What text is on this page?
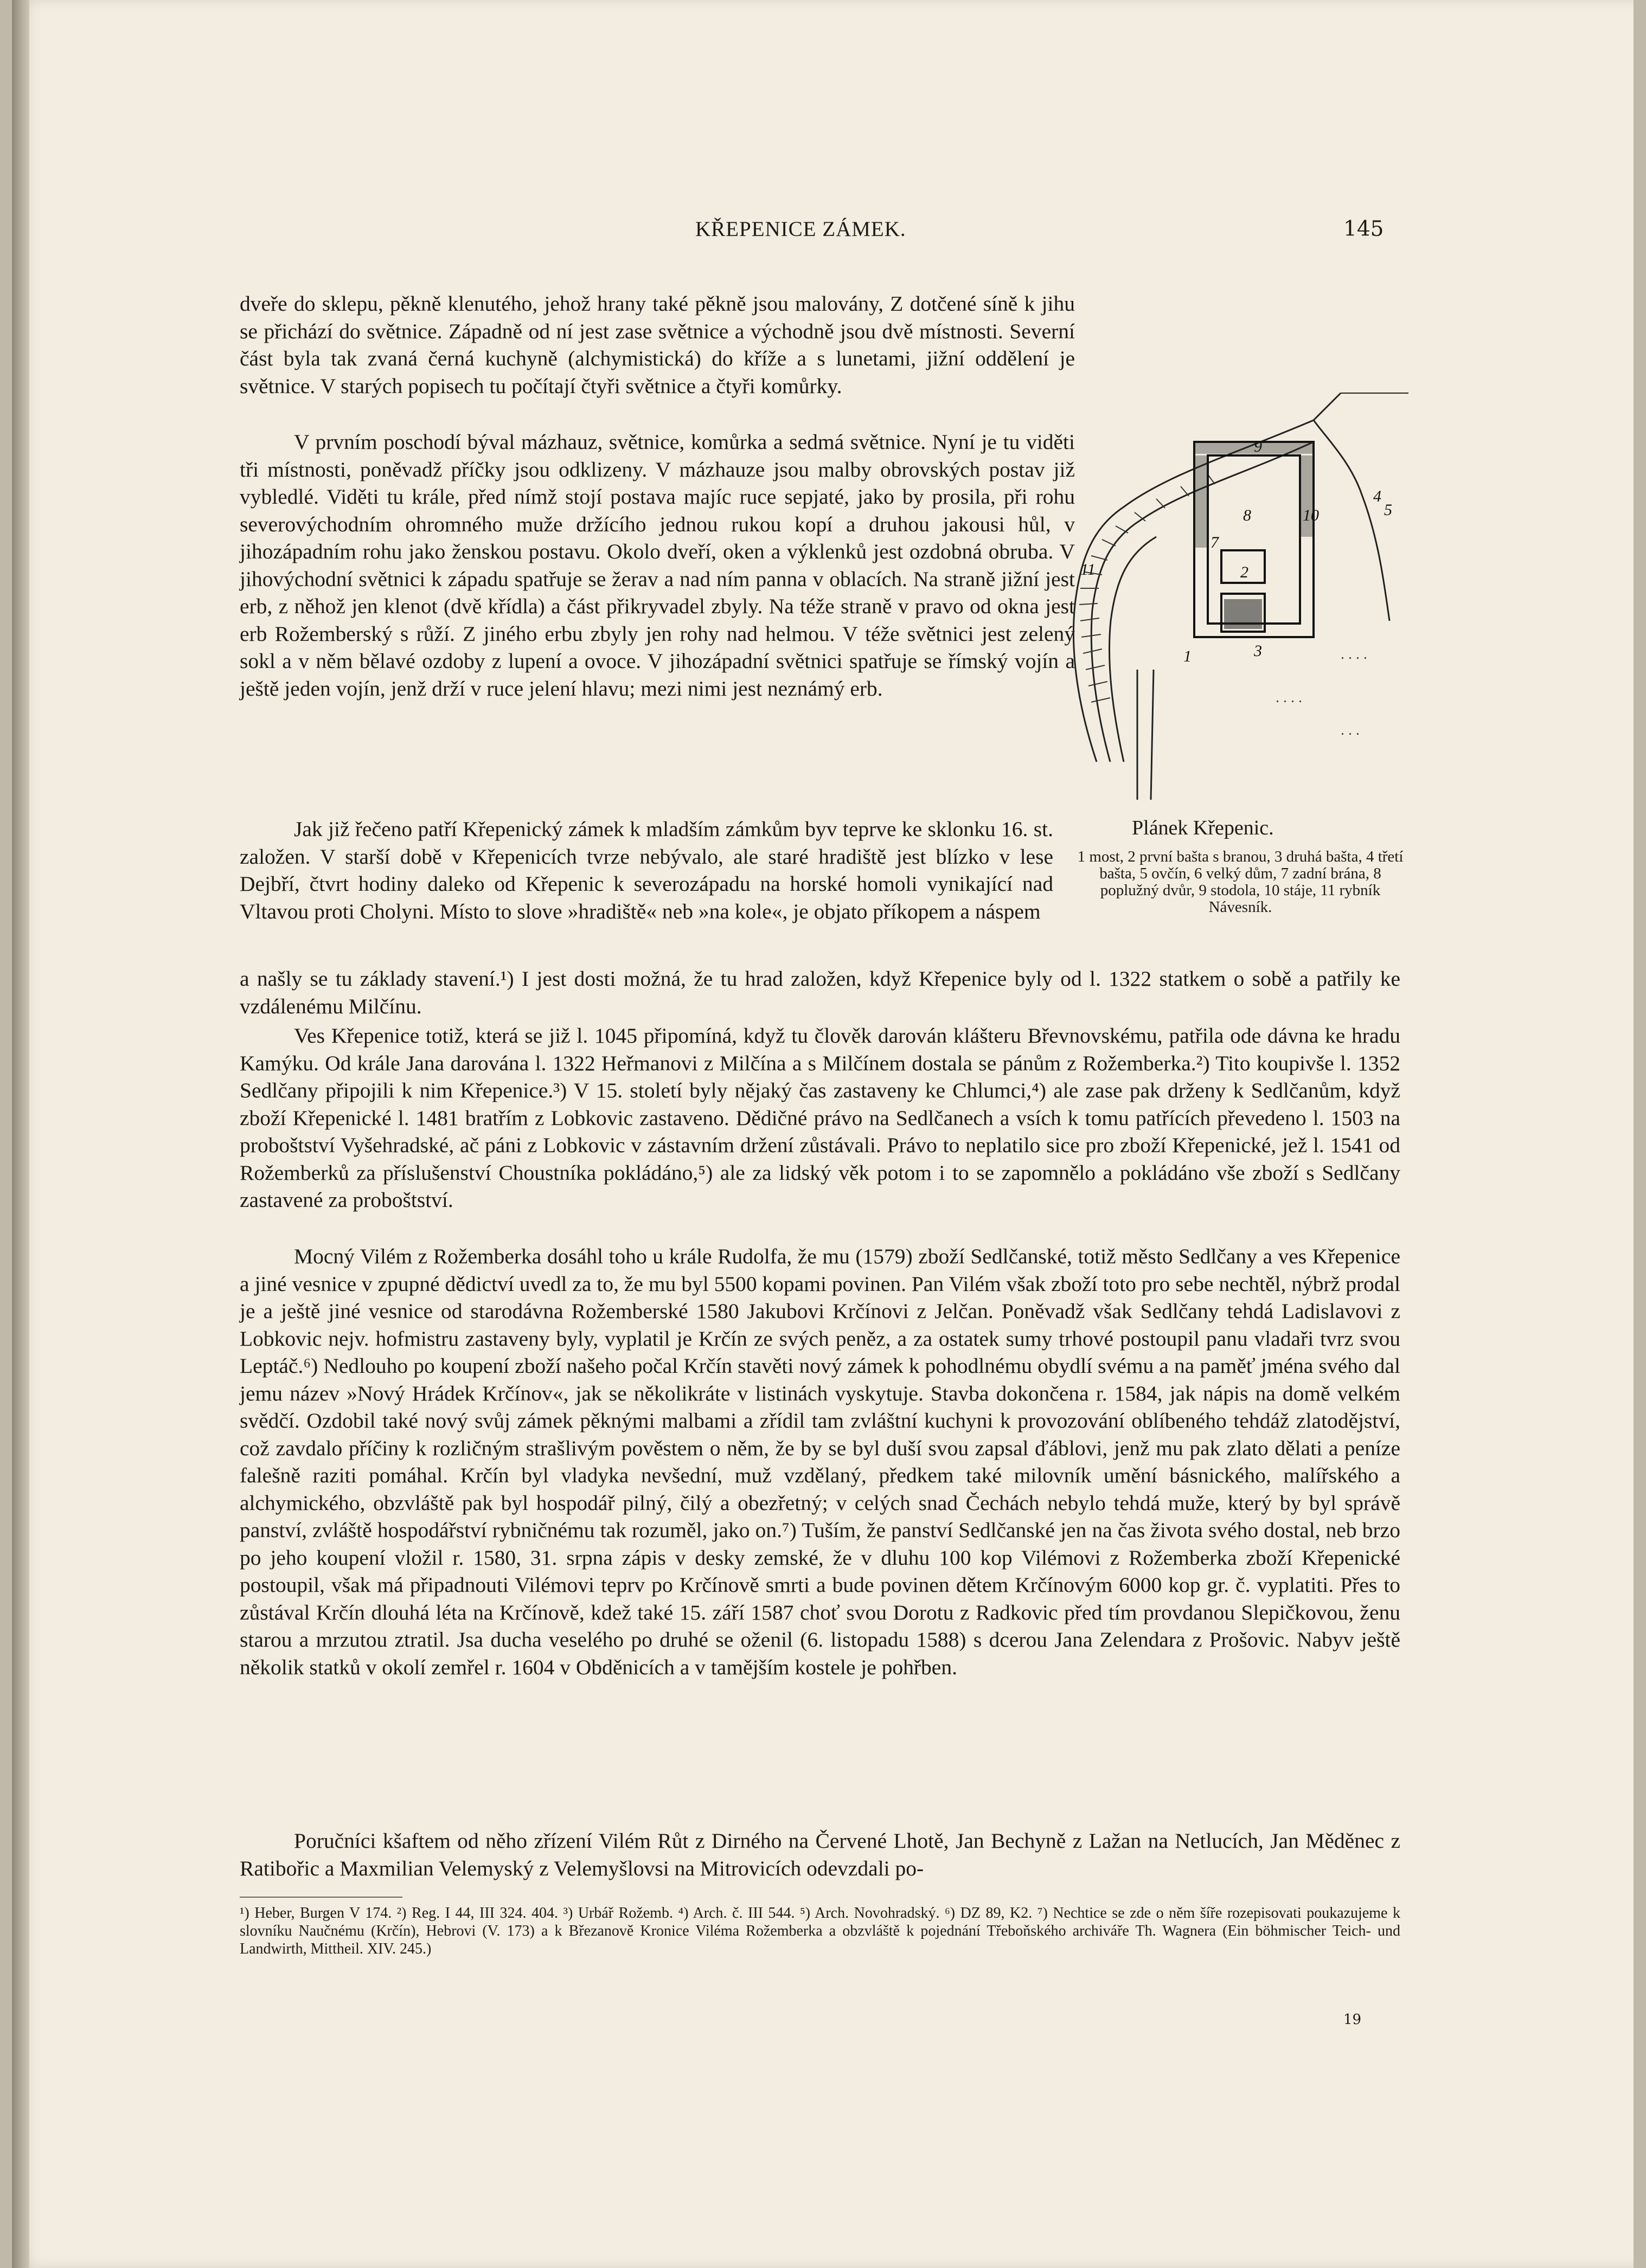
KŘEPENICE ZÁMEK.	145

dveře do sklepu, pěkně klenutého, jehož hrany také pěkně jsou malovány, Z dotčené síně k jihu se přichází do světnice. Západně od ní jest zase světnice a východně jsou dvě místnosti. Severní část byla tak zvaná černá kuchyně (alchymistická) do kříže a s lunetami, jižní oddělení je světnice. V starých popisech tu počítají čtyři světnice a čtyři komůrky.

V prvním poschodí býval mázhauz, světnice, komůrka a sedmá světnice. Nyní je tu viděti tři místnosti, poněvadž příčky jsou odklizeny. V mázhauze jsou malby obrovských postav již vybledlé. Viděti tu krále, před nímž stojí postava majíc ruce sepjaté, jako by prosila, při rohu severovýchodním ohromného muže držícího jednou rukou kopí a druhou jakousi hůl, v jihozápadním rohu jako ženskou postavu. Okolo dveří, oken a výklenků jest ozdobná obruba. V jihovýchodní světnici k západu spatřuje se žerav a nad ním panna v oblacích. Na straně jižní jest erb, z něhož jen klenot (dvě křídla) a část přikryvadel zbyly. Na téže straně v pravo od okna jest erb Rožemberský s růží. Z jiného erbu zbyly jen rohy nad helmou. V téže světnici jest zelený sokl a v něm bělavé ozdoby z lupení a ovoce. V jihozápadní světnici spatřuje se římský vojín a ještě jeden vojín, jenž drží v ruce jelení hlavu; mezi nimi jest neznámý erb.

Jak již řečeno patří Křepenický zámek k mladším zámkům byv teprve ke sklonku 16. st. založen. V starší době v Křepenicích tvrze nebývalo, ale staré hradiště jest blízko v lese Dejbří, čtvrt hodiny daleko od Křepenic k severozápadu na horské homoli vynikající nad Vltavou proti Cholyni. Místo to slove »hradiště« neb »na kole«, je objato příkopem a náspem

a našly se tu základy stavení.¹) I jest dosti možná, že tu hrad založen, když Křepenice byly od l. 1322 statkem o sobě a patřily ke vzdálenému Milčínu.

Ves Křepenice totiž, která se již l. 1045 připomíná, když tu člověk darován klášteru Břevnovskému, patřila ode dávna ke hradu Kamýku. Od krále Jana darována l. 1322 Heřmanovi z Milčína a s Milčínem dostala se pánům z Rožemberka.²) Tito koupivše l. 1352 Sedlčany připojili k nim Křepenice.³) V 15. století byly nějaký čas zastaveny ke Chlumci,⁴) ale zase pak drženy k Sedlčanům, když zboží Křepenické l. 1481 bratřím z Lobkovic zastaveno. Dědičné právo na Sedlčanech a vsích k tomu patřících převedeno l. 1503 na proboštství Vyšehradské, ač páni z Lobkovic v zástavním držení zůstávali. Právo to neplatilo sice pro zboží Křepenické, jež l. 1541 od Rožemberků za příslušenství Choustníka pokládáno,⁵) ale za lidský věk potom i to se zapomnělo a pokládáno vše zboží s Sedlčany zastavené za proboštství.

Mocný Vilém z Rožemberka dosáhl toho u krále Rudolfa, že mu (1579) zboží Sedlčanské, totiž město Sedlčany a ves Křepenice a jiné vesnice v zpupné dědictví uvedl za to, že mu byl 5500 kopami povinen. Pan Vilém však zboží toto pro sebe nechtěl, nýbrž prodal je a ještě jiné vesnice od starodávna Rožemberské 1580 Jakubovi Krčínovi z Jelčan. Poněvadž však Sedlčany tehdá Ladislavovi z Lobkovic nejv. hofmistru zastaveny byly, vyplatil je Krčín ze svých peněz, a za ostatek sumy trhové postoupil panu vladaři tvrz svou Leptáč.⁶) Nedlouho po koupení zboží našeho počal Krčín stavěti nový zámek k pohodlnému obydlí svému a na paměť jména svého dal jemu název »Nový Hrádek Krčínov«, jak se několikráte v listinách vyskytuje. Stavba dokončena r. 1584, jak nápis na domě velkém svědčí. Ozdobil také nový svůj zámek pěknými malbami a zřídil tam zvláštní kuchyni k provozování oblíbeného tehdáž zlatodějství, což zavdalo příčiny k rozličným strašlivým pověstem o něm, že by se byl duší svou zapsal ďáblovi, jenž mu pak zlato dělati a peníze falešně raziti pomáhal. Krčín byl vladyka nevšední, muž vzdělaný, předkem také milovník umění básnického, malířského a alchymického, obzvláště pak byl hospodář pilný, čilý a obezřetný; v celých snad Čechách nebylo tehdá muže, který by byl správě panství, zvláště hospodářství rybničnému tak rozuměl, jako on.⁷) Tuším, že panství Sedlčanské jen na čas života svého dostal, neb brzo po jeho koupení vložil r. 1580, 31. srpna zápis v desky zemské, že v dluhu 100 kop Vilémovi z Rožemberka zboží Křepenické postoupil, však má připadnouti Vilémovi teprv po Krčínově smrti a bude povinen dětem Krčínovým 6000 kop gr. č. vyplatiti. Přes to zůstával Krčín dlouhá léta na Krčínově, kdež také 15. září 1587 choť svou Dorotu z Radkovic před tím provdanou Slepičkovou, ženu starou a mrzutou ztratil. Jsa ducha veselého po druhé se oženil (6. listopadu 1588) s dcerou Jana Zelendara z Prošovic. Nabyv ještě několik statků v okolí zemřel r. 1604 v Obděnicích a v tamějším kostele je pohřben.

Poručníci kšaftem od něho zřízení Vilém Růt z Dirného na Červené Lhotě, Jan Bechyně z Lažan na Netlucích, Jan Měděnec z Ratibořic a Maxmilian Velemyský z Velemyšlovsi na Mitrovicích odevzdali po-

9
8	10
11
7
2
3
1
4
5
. . . .
. . . .
. . .
Plánek Křepenic.
1 most, 2 první bašta s branou, 3 druhá bašta, 4 třetí bašta, 5 ovčín, 6 velký dům, 7 zadní brána, 8 poplužný dvůr, 9 stodola, 10 stáje, 11 rybník Návesník.

¹) Heber, Burgen V 174. ²) Reg. I 44, III 324. 404. ³) Urbář Rožemb. ⁴) Arch. č. III 544. ⁵) Arch. Novohradský. ⁶) DZ 89, K2. ⁷) Nechtice se zde o něm šíře rozepisovati poukazujeme k slovníku Naučnému (Krčín), Hebrovi (V. 173) a k Březanově Kronice Viléma Rožemberka a obzvláště k pojednání Třeboňského archiváře Th. Wagnera (Ein böhmischer Teich- und Landwirth, Mittheil. XIV. 245.)

19
